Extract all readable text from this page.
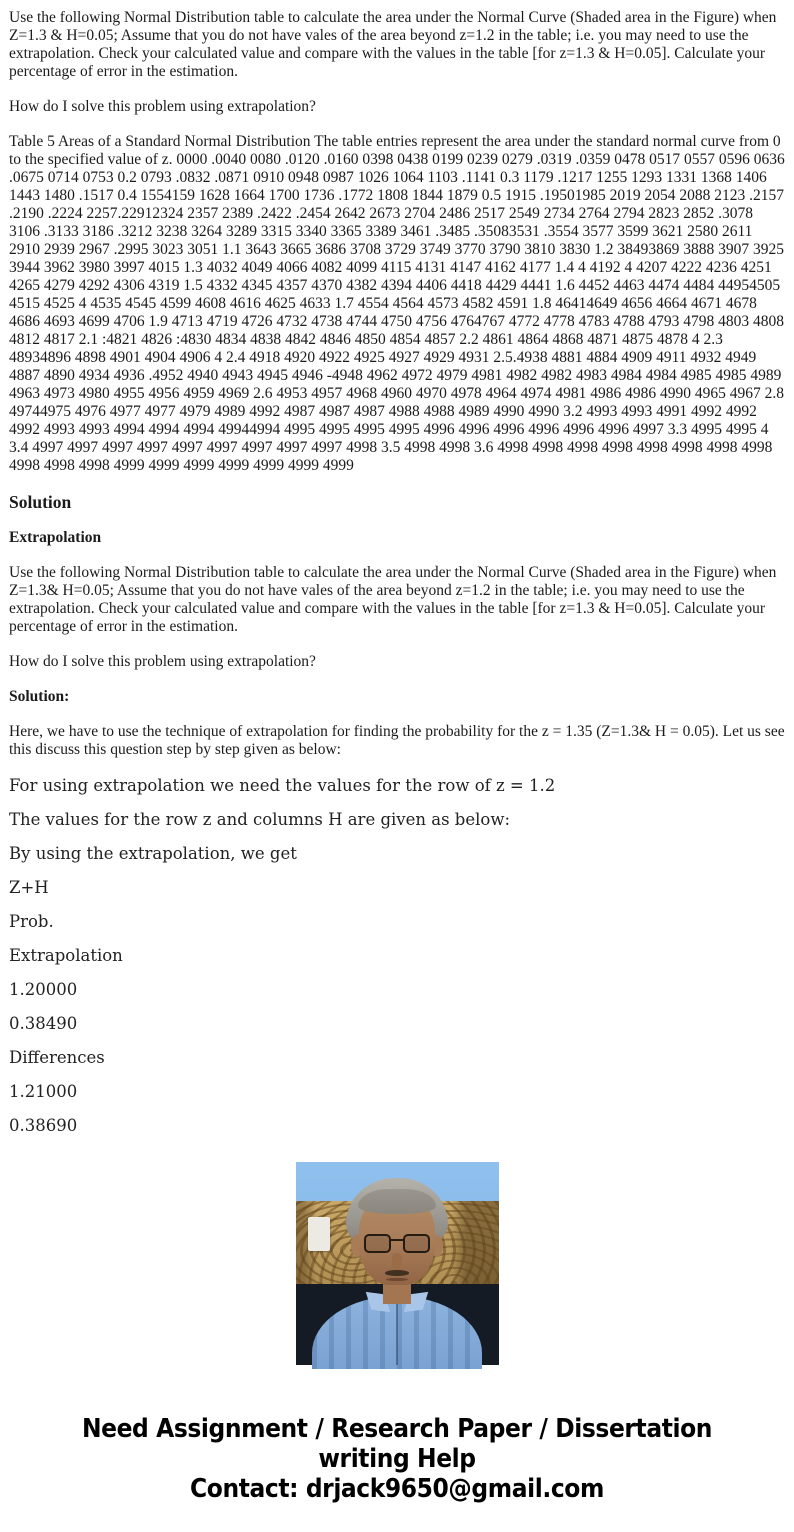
Use the following Normal Distribution table to calculate the area under the Normal Curve (Shaded area in the Figure) when Z=1.3 & H=0.05; Assume that you do not have vales of the area beyond z=1.2 in the table; i.e. you may need to use the extrapolation. Check your calculated value and compare with the values in the table [for z=1.3 & H=0.05]. Calculate your percentage of error in the estimation.

How do I solve this problem using extrapolation?

Table 5 Areas of a Standard Normal Distribution The table entries represent the area under the standard normal curve from 0 to the specified value of z. 0000 .0040 0080 .0120 .0160 0398 0438 0199 0239 0279 .0319 .0359 0478 0517 0557 0596 0636 .0675 0714 0753 0.2 0793 .0832 .0871 0910 0948 0987 1026 1064 1103 .1141 0.3 1179 .1217 1255 1293 1331 1368 1406 1443 1480 .1517 0.4 1554159 1628 1664 1700 1736 .1772 1808 1844 1879 0.5 1915 .19501985 2019 2054 2088 2123 .2157 .2190 .2224 2257.22912324 2357 2389 .2422 .2454 2642 2673 2704 2486 2517 2549 2734 2764 2794 2823 2852 .3078 3106 .3133 3186 .3212 3238 3264 3289 3315 3340 3365 3389 3461 .3485 .35083531 .3554 3577 3599 3621 2580 2611 2910 2939 2967 .2995 3023 3051 1.1 3643 3665 3686 3708 3729 3749 3770 3790 3810 3830 1.2 38493869 3888 3907 3925 3944 3962 3980 3997 4015 1.3 4032 4049 4066 4082 4099 4115 4131 4147 4162 4177 1.4 4 4192 4 4207 4222 4236 4251 4265 4279 4292 4306 4319 1.5 4332 4345 4357 4370 4382 4394 4406 4418 4429 4441 1.6 4452 4463 4474 4484 44954505 4515 4525 4 4535 4545 4599 4608 4616 4625 4633 1.7 4554 4564 4573 4582 4591 1.8 46414649 4656 4664 4671 4678 4686 4693 4699 4706 1.9 4713 4719 4726 4732 4738 4744 4750 4756 4764767 4772 4778 4783 4788 4793 4798 4803 4808 4812 4817 2.1 :4821 4826 :4830 4834 4838 4842 4846 4850 4854 4857 2.2 4861 4864 4868 4871 4875 4878 4 2.3 48934896 4898 4901 4904 4906 4 2.4 4918 4920 4922 4925 4927 4929 4931 2.5.4938 4881 4884 4909 4911 4932 4949 4887 4890 4934 4936 .4952 4940 4943 4945 4946 -4948 4962 4972 4979 4981 4982 4982 4983 4984 4984 4985 4985 4989 4963 4973 4980 4955 4956 4959 4969 2.6 4953 4957 4968 4960 4970 4978 4964 4974 4981 4986 4986 4990 4965 4967 2.8 49744975 4976 4977 4977 4979 4989 4992 4987 4987 4987 4988 4988 4989 4990 4990 3.2 4993 4993 4991 4992 4992 4992 4993 4993 4994 4994 4994 49944994 4995 4995 4995 4995 4996 4996 4996 4996 4996 4996 4997 3.3 4995 4995 4 3.4 4997 4997 4997 4997 4997 4997 4997 4997 4997 4998 3.5 4998 4998 3.6 4998 4998 4998 4998 4998 4998 4998 4998 4998 4998 4998 4999 4999 4999 4999 4999 4999 4999

Solution
Extrapolation

Use the following Normal Distribution table to calculate the area under the Normal Curve (Shaded area in the Figure) when Z=1.3& H=0.05; Assume that you do not have vales of the area beyond z=1.2 in the table; i.e. you may need to use the extrapolation. Check your calculated value and compare with the values in the table [for z=1.3 & H=0.05]. Calculate your percentage of error in the estimation.

How do I solve this problem using extrapolation?

Solution:

Here, we have to use the technique of extrapolation for finding the probability for the z = 1.35 (Z=1.3& H = 0.05). Let us see this discuss this question step by step given as below:

For using extrapolation we need the values for the row of z = 1.2

The values for the row z and columns H are given as below:

By using the extrapolation, we get

Z+H

Prob.

Extrapolation

1.20000

0.38490

Differences

1.21000

0.38690

Need Assignment / Research Paper / Dissertation
writing Help
Contact: drjack9650@gmail.com
